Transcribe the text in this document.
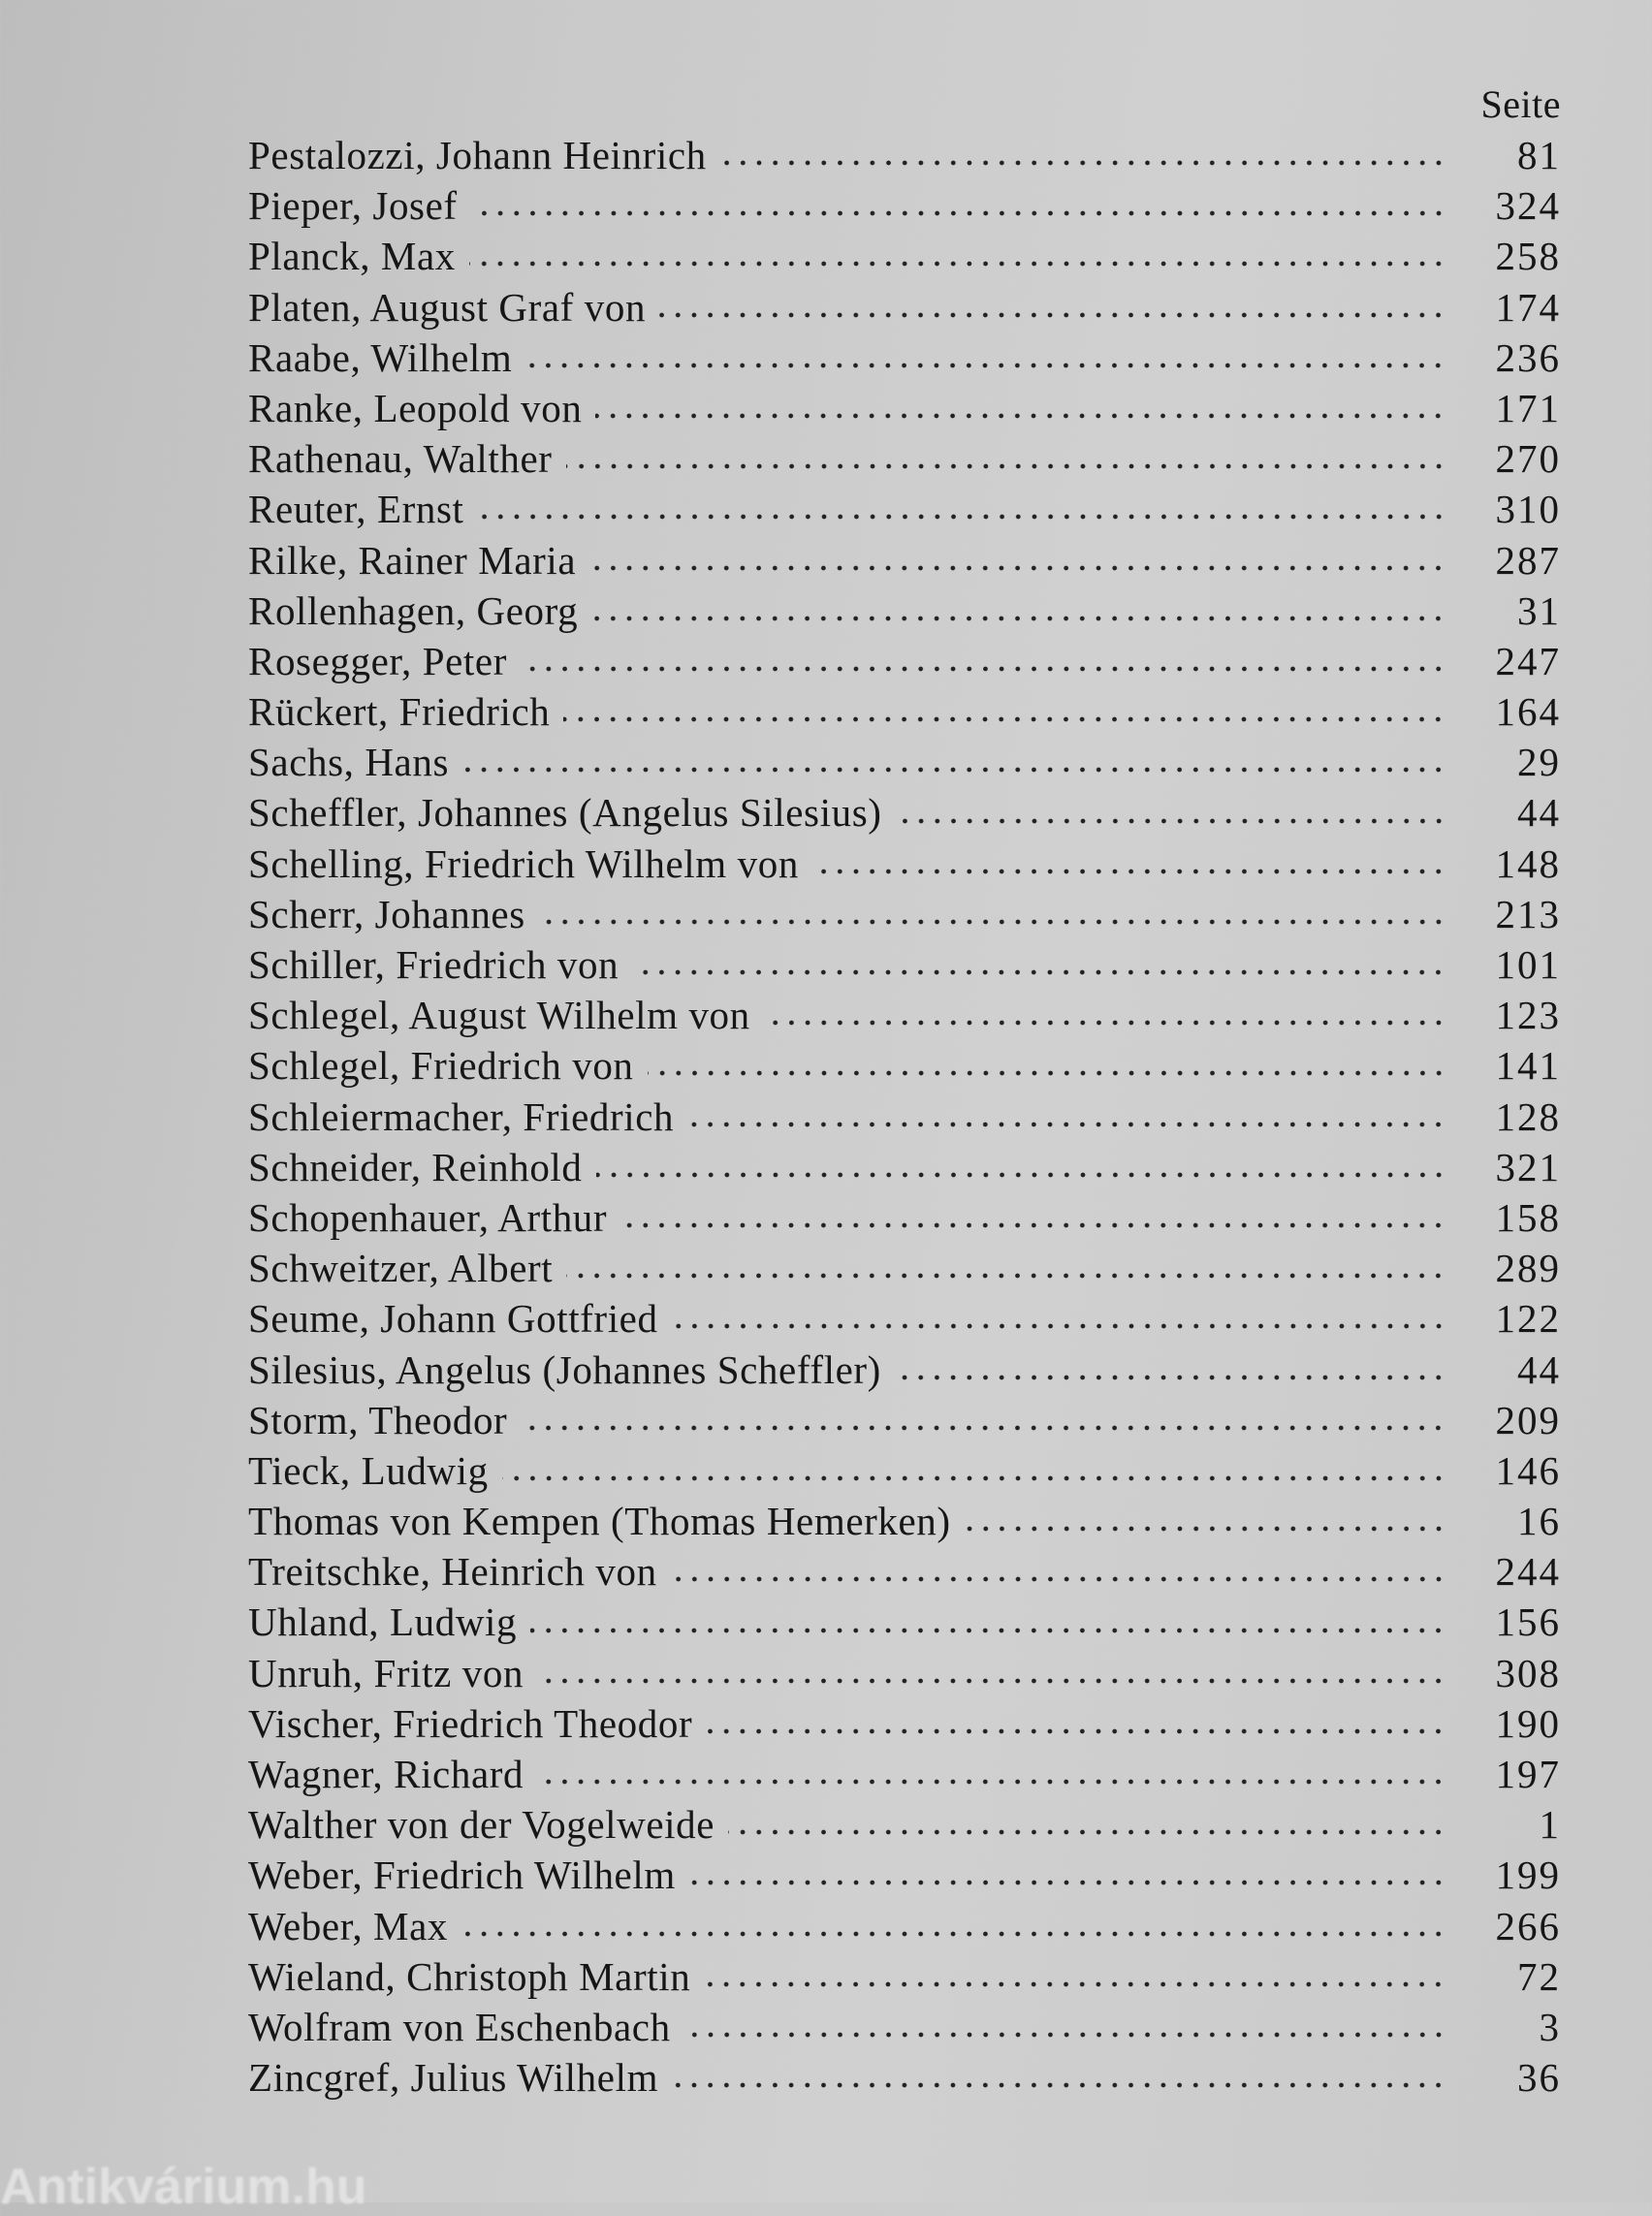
Seite
Pestalozzi, Johann Heinrich	81
Pieper, Josef	324
Planck, Max	258
Platen, August Graf von	174
Raabe, Wilhelm	236
Ranke, Leopold von	171
Rathenau, Walther	270
Reuter, Ernst	310
Rilke, Rainer Maria	287
Rollenhagen, Georg	31
Rosegger, Peter	247
Rückert, Friedrich	164
Sachs, Hans	29
Scheffler, Johannes (Angelus Silesius)	44
Schelling, Friedrich Wilhelm von	148
Scherr, Johannes	213
Schiller, Friedrich von	101
Schlegel, August Wilhelm von	123
Schlegel, Friedrich von	141
Schleiermacher, Friedrich	128
Schneider, Reinhold	321
Schopenhauer, Arthur	158
Schweitzer, Albert	289
Seume, Johann Gottfried	122
Silesius, Angelus (Johannes Scheffler)	44
Storm, Theodor	209
Tieck, Ludwig	146
Thomas von Kempen (Thomas Hemerken)	16
Treitschke, Heinrich von	244
Uhland, Ludwig	156
Unruh, Fritz von	308
Vischer, Friedrich Theodor	190
Wagner, Richard	197
Walther von der Vogelweide	1
Weber, Friedrich Wilhelm	199
Weber, Max	266
Wieland, Christoph Martin	72
Wolfram von Eschenbach	3
Zincgref, Julius Wilhelm	36
Antikvárium.hu
